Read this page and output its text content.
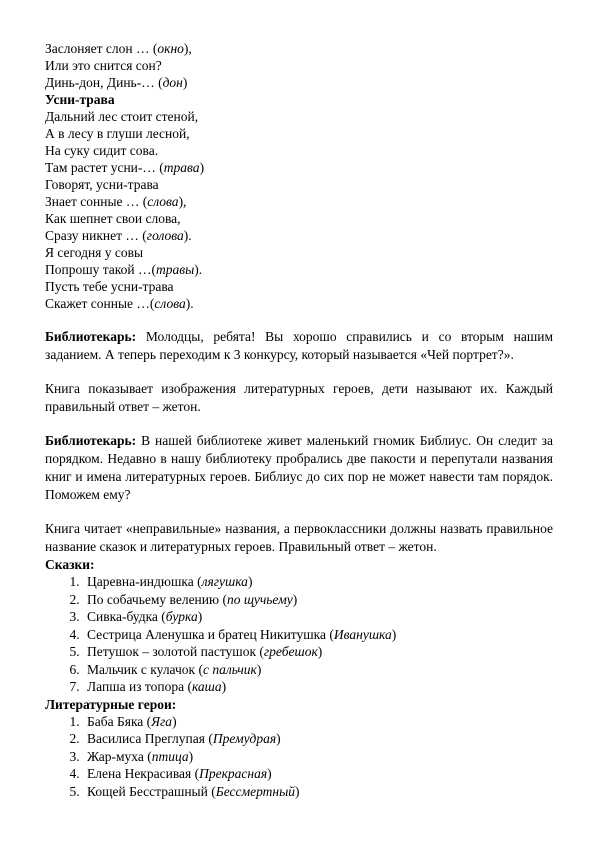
Заслоняет слон … (окно),
Или это снится сон?
Динь-дон, Динь-… (дон)
Усни-трава
Дальний лес стоит стеной,
А в лесу в глуши лесной,
На суку сидит сова.
Там растет усни-… (трава)
Говорят, усни-трава
Знает сонные … (слова),
Как шепнет свои слова,
Сразу никнет … (голова).
Я сегодня у совы
Попрошу такой …(травы).
Пусть тебе усни-трава
Скажет сонные …(слова).
Библиотекарь: Молодцы, ребята! Вы хорошо справились и со вторым нашим заданием. А теперь переходим к 3 конкурсу, который называется «Чей портрет?».
Книга показывает изображения литературных героев, дети называют их. Каждый правильный ответ – жетон.
Библиотекарь: В нашей библиотеке живет маленький гномик Библиус. Он следит за порядком. Недавно в нашу библиотеку пробрались две пакости и перепутали названия книг и имена литературных героев. Библиус до сих пор не может навести там порядок. Поможем ему?
Книга читает «неправильные» названия, а первоклассники должны назвать правильное название сказок и литературных героев. Правильный ответ – жетон.
Сказки:
1. Царевна-индюшка (лягушка)
2. По собачьему велению (по щучьему)
3. Сивка-будка (бурка)
4. Сестрица Аленушка и братец Никитушка (Иванушка)
5. Петушок – золотой пастушок (гребешок)
6. Мальчик с кулачок (с пальчик)
7. Лапша из топора (каша)
Литературные герои:
1. Баба Бяка (Яга)
2. Василиса Преглупая (Премудрая)
3. Жар-муха (птица)
4. Елена Некрасивая (Прекрасная)
5. Кощей Бесстрашный (Бессмертный)
